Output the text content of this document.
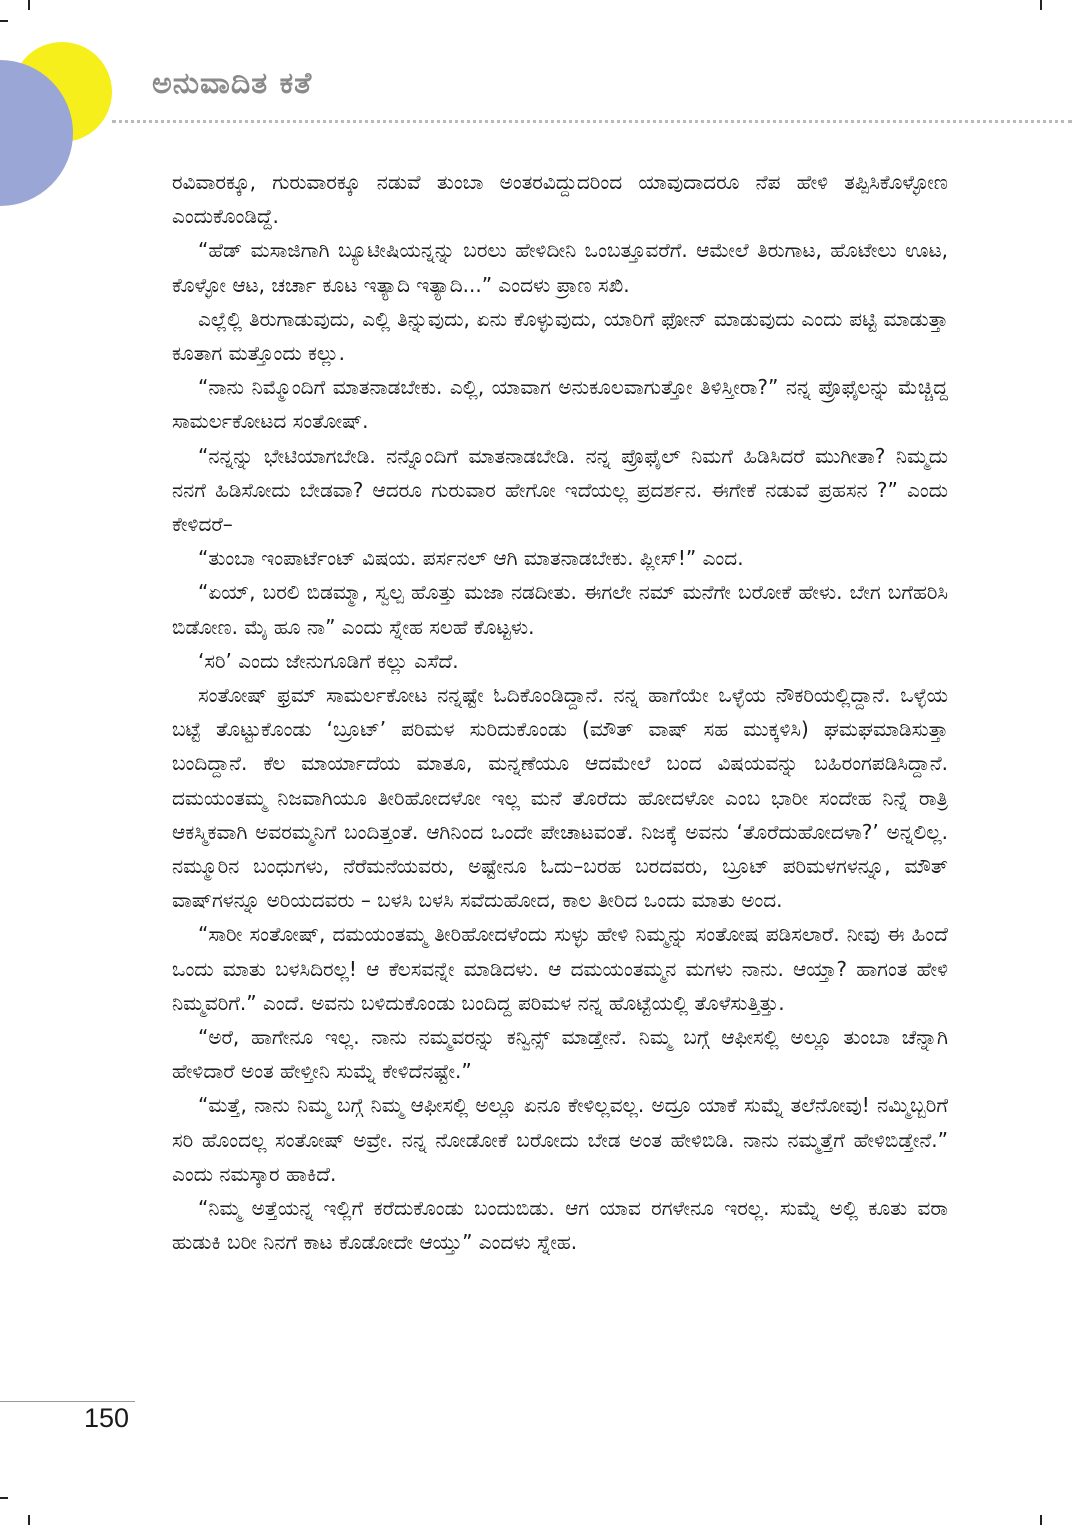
ಅನುವಾದಿತ ಕತೆ

ರವಿವಾರಕ್ಕೂ, ಗುರುವಾರಕ್ಕೂ ನಡುವೆ ತುಂಬಾ ಅಂತರವಿದ್ದುದರಿಂದ ಯಾವುದಾದರೂ ನೆಪ ಹೇಳಿ ತಪ್ಪಿಸಿಕೊಳ್ಳೋಣ ಎಂದುಕೊಂಡಿದ್ದೆ.

“ಹೆಡ್ ಮಸಾಜಿಗಾಗಿ ಬ್ಯೂಟೀಷಿಯನ್ನನ್ನು ಬರಲು ಹೇಳಿದೀನಿ ಒಂಬತ್ತೂವರೆಗೆ. ಆಮೇಲೆ ತಿರುಗಾಟ, ಹೊಟೇಲು ಊಟ, ಕೊಳ್ಳೋ ಆಟ, ಚರ್ಚಾ ಕೂಟ ಇತ್ಯಾದಿ ಇತ್ಯಾದಿ...” ಎಂದಳು ಪ್ರಾಣ ಸಖಿ.

ಎಲ್ಲೆಲ್ಲಿ ತಿರುಗಾಡುವುದು, ಎಲ್ಲಿ ತಿನ್ನುವುದು, ಏನು ಕೊಳ್ಳುವುದು, ಯಾರಿಗೆ ಫೋನ್ ಮಾಡುವುದು ಎಂದು ಪಟ್ಟಿ ಮಾಡುತ್ತಾ ಕೂತಾಗ ಮತ್ತೊಂದು ಕಲ್ಲು.

“ನಾನು ನಿಮ್ಮೊಂದಿಗೆ ಮಾತನಾಡಬೇಕು. ಎಲ್ಲಿ, ಯಾವಾಗ ಅನುಕೂಲವಾಗುತ್ತೋ ತಿಳಿಸ್ತೀರಾ?” ನನ್ನ ಪ್ರೊಫೈಲನ್ನು ಮೆಚ್ಚಿದ್ದ ಸಾಮರ್ಲಕೋಟದ ಸಂತೋಷ್.

“ನನ್ನನ್ನು ಭೇಟಿಯಾಗಬೇಡಿ. ನನ್ನೊಂದಿಗೆ ಮಾತನಾಡಬೇಡಿ. ನನ್ನ ಪ್ರೊಫೈಲ್ ನಿಮಗೆ ಹಿಡಿಸಿದರೆ ಮುಗೀತಾ? ನಿಮ್ಮದು ನನಗೆ ಹಿಡಿಸೋದು ಬೇಡವಾ? ಆದರೂ ಗುರುವಾರ ಹೇಗೋ ಇದೆಯಲ್ಲ ಪ್ರದರ್ಶನ. ಈಗೇಕೆ ನಡುವೆ ಪ್ರಹಸನ ?” ಎಂದು ಕೇಳಿದರೆ–

“ತುಂಬಾ ಇಂಪಾರ್ಟೆಂಟ್ ವಿಷಯ. ಪರ್ಸನಲ್ ಆಗಿ ಮಾತನಾಡಬೇಕು. ಪ್ಲೀಸ್!” ಎಂದ.

“ಏಯ್, ಬರಲಿ ಬಿಡಮ್ಮಾ, ಸ್ವಲ್ಪ ಹೊತ್ತು ಮಜಾ ನಡದೀತು. ಈಗಲೇ ನಮ್ ಮನೆಗೇ ಬರೋಕೆ ಹೇಳು. ಬೇಗ ಬಗೆಹರಿಸಿ ಬಿಡೋಣ. ಮೈ ಹೂ ನಾ” ಎಂದು ಸ್ನೇಹ ಸಲಹೆ ಕೊಟ್ಟಳು.

‘ಸರಿ’ ಎಂದು ಜೇನುಗೂಡಿಗೆ ಕಲ್ಲು ಎಸೆದೆ.

ಸಂತೋಷ್ ಫ್ರಮ್ ಸಾಮರ್ಲಕೋಟ ನನ್ನಷ್ಟೇ ಓದಿಕೊಂಡಿದ್ದಾನೆ. ನನ್ನ ಹಾಗೆಯೇ ಒಳ್ಳೆಯ ನೌಕರಿಯಲ್ಲಿದ್ದಾನೆ. ಒಳ್ಳೆಯ ಬಟ್ಟೆ ತೊಟ್ಟುಕೊಂಡು ‘ಬ್ರೂಟ್’ ಪರಿಮಳ ಸುರಿದುಕೊಂಡು (ಮೌತ್ ವಾಷ್ ಸಹ ಮುಕ್ಕಳಿಸಿ) ಘಮಘಮಾಡಿಸುತ್ತಾ ಬಂದಿದ್ದಾನೆ. ಕೆಲ ಮಾರ್ಯಾದೆಯ ಮಾತೂ, ಮನ್ನಣೆಯೂ ಆದಮೇಲೆ ಬಂದ ವಿಷಯವನ್ನು ಬಹಿರಂಗಪಡಿಸಿದ್ದಾನೆ. ದಮಯಂತಮ್ಮ ನಿಜವಾಗಿಯೂ ತೀರಿಹೋದಳೋ ಇಲ್ಲ ಮನೆ ತೊರೆದು ಹೋದಳೋ ಎಂಬ ಭಾರೀ ಸಂದೇಹ ನಿನ್ನೆ ರಾತ್ರಿ ಆಕಸ್ಮಿಕವಾಗಿ ಅವರಮ್ಮನಿಗೆ ಬಂದಿತ್ತಂತೆ. ಆಗಿನಿಂದ ಒಂದೇ ಪೇಚಾಟವಂತೆ. ನಿಜಕ್ಕೆ ಅವನು ‘ತೊರೆದುಹೋದಳಾ?’ ಅನ್ನಲಿಲ್ಲ. ನಮ್ಮೂರಿನ ಬಂಧುಗಳು, ನೆರೆಮನೆಯವರು, ಅಷ್ಟೇನೂ ಓದು–ಬರಹ ಬರದವರು, ಬ್ರೂಟ್ ಪರಿಮಳಗಳನ್ನೂ, ಮೌತ್ ವಾಷ್‌ಗಳನ್ನೂ ಅರಿಯದವರು – ಬಳಸಿ ಬಳಸಿ ಸವೆದುಹೋದ, ಕಾಲ ತೀರಿದ ಒಂದು ಮಾತು ಅಂದ.

“ಸಾರೀ ಸಂತೋಷ್, ದಮಯಂತಮ್ಮ ತೀರಿಹೋದಳೆಂದು ಸುಳ್ಳು ಹೇಳಿ ನಿಮ್ಮನ್ನು ಸಂತೋಷ ಪಡಿಸಲಾರೆ. ನೀವು ಈ ಹಿಂದೆ ಒಂದು ಮಾತು ಬಳಸಿದಿರಲ್ಲ! ಆ ಕೆಲಸವನ್ನೇ ಮಾಡಿದಳು. ಆ ದಮಯಂತಮ್ಮನ ಮಗಳು ನಾನು. ಆಯ್ತಾ? ಹಾಗಂತ ಹೇಳಿ ನಿಮ್ಮವರಿಗೆ.” ಎಂದೆ. ಅವನು ಬಳಿದುಕೊಂಡು ಬಂದಿದ್ದ ಪರಿಮಳ ನನ್ನ ಹೊಟ್ಟೆಯಲ್ಲಿ ತೊಳೆಸುತ್ತಿತ್ತು.

“ಅರೆ, ಹಾಗೇನೂ ಇಲ್ಲ. ನಾನು ನಮ್ಮವರನ್ನು ಕನ್ವಿನ್ಸ್ ಮಾಡ್ತೇನೆ. ನಿಮ್ಮ ಬಗ್ಗೆ ಆಫೀಸಲ್ಲಿ ಅಲ್ಲೂ ತುಂಬಾ ಚೆನ್ನಾಗಿ ಹೇಳಿದಾರೆ ಅಂತ ಹೇಳ್ತೀನಿ ಸುಮ್ನೆ ಕೇಳಿದೆನಷ್ಟೇ.”

“ಮತ್ತೆ, ನಾನು ನಿಮ್ಮ ಬಗ್ಗೆ ನಿಮ್ಮ ಆಫೀಸಲ್ಲಿ ಅಲ್ಲೂ ಏನೂ ಕೇಳಿಲ್ಲವಲ್ಲ. ಅದ್ರೂ ಯಾಕೆ ಸುಮ್ನೆ ತಲೆನೋವು! ನಮ್ಮಿಬ್ಬರಿಗೆ ಸರಿ ಹೊಂದಲ್ಲ ಸಂತೋಷ್ ಅವ್ರೇ. ನನ್ನ ನೋಡೋಕೆ ಬರೋದು ಬೇಡ ಅಂತ ಹೇಳಿಬಿಡಿ. ನಾನು ನಮ್ಮತ್ತೆಗೆ ಹೇಳಿಬಿಡ್ತೇನೆ.” ಎಂದು ನಮಸ್ಕಾರ ಹಾಕಿದೆ.

“ನಿಮ್ಮ ಅತ್ತೆಯನ್ನ ಇಲ್ಲಿಗೆ ಕರೆದುಕೊಂಡು ಬಂದುಬಿಡು. ಆಗ ಯಾವ ರಗಳೇನೂ ಇರಲ್ಲ. ಸುಮ್ನೆ ಅಲ್ಲಿ ಕೂತು ವರಾ ಹುಡುಕಿ ಬರೀ ನಿನಗೆ ಕಾಟ ಕೊಡೋದೇ ಆಯ್ತು” ಎಂದಳು ಸ್ನೇಹ.

150
